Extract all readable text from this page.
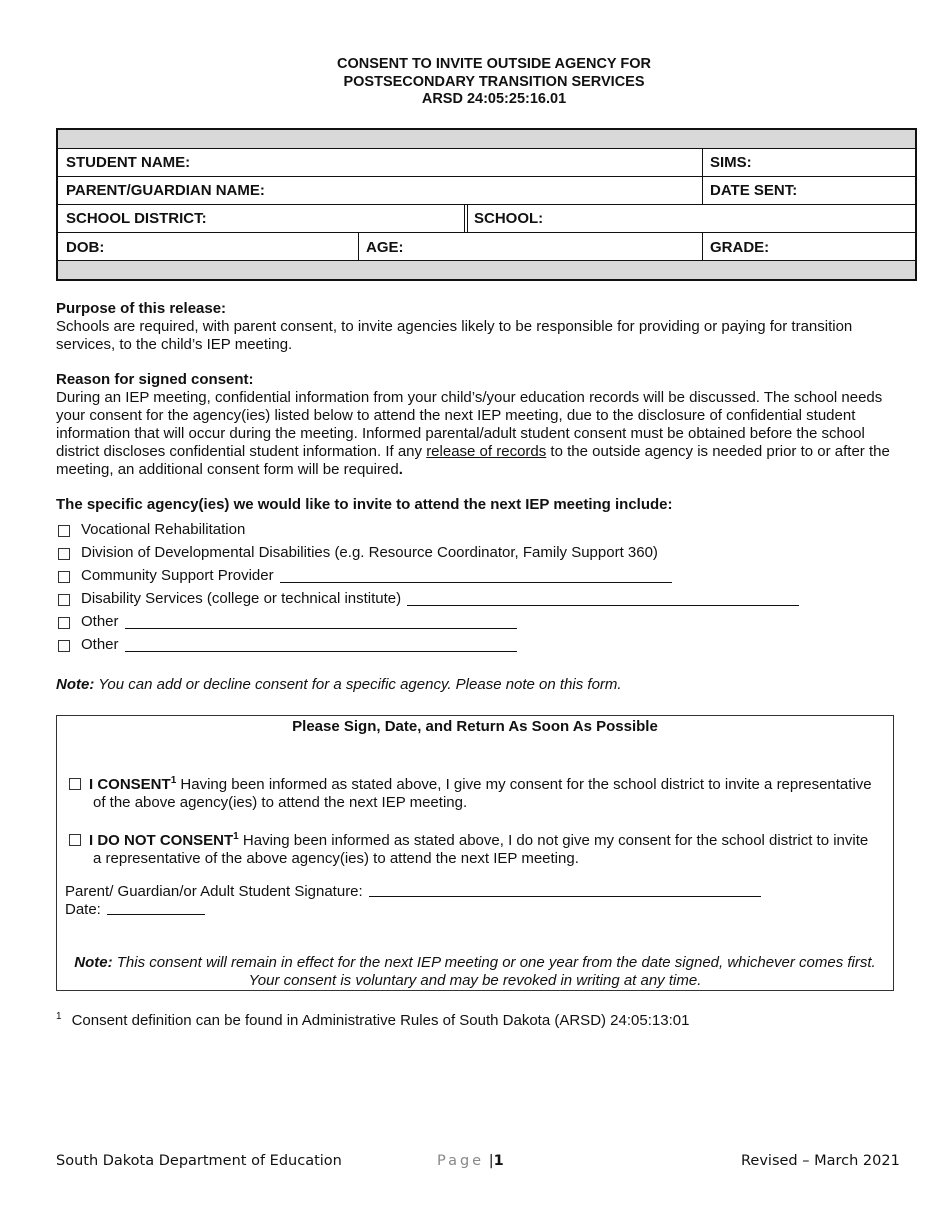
CONSENT TO INVITE OUTSIDE AGENCY FOR
POSTSECONDARY TRANSITION SERVICES
ARSD 24:05:25:16.01
STUDENT NAME:	SIMS:
PARENT/GUARDIAN NAME:	DATE SENT:
SCHOOL DISTRICT:	SCHOOL:
DOB:	AGE:	GRADE:
Purpose of this release:
Schools are required, with parent consent, to invite agencies likely to be responsible for providing or paying for transition services, to the child’s IEP meeting.
Reason for signed consent:
During an IEP meeting, confidential information from your child’s/your education records will be discussed. The school needs your consent for the agency(ies) listed below to attend the next IEP meeting, due to the disclosure of confidential student information that will occur during the meeting. Informed parental/adult student consent must be obtained before the school district discloses confidential student information. If any release of records to the outside agency is needed prior to or after the meeting, an additional consent form will be required.
The specific agency(ies) we would like to invite to attend the next IEP meeting include:
Vocational Rehabilitation
Division of Developmental Disabilities (e.g. Resource Coordinator, Family Support 360)
Community Support Provider
Disability Services (college or technical institute)
Other
Other
Note: You can add or decline consent for a specific agency. Please note on this form.
Please Sign, Date, and Return As Soon As Possible
I CONSENT$^1$ Having been informed as stated above, I give my consent for the school district to invite a representative of the above agency(ies) to attend the next IEP meeting.
I DO NOT CONSENT$^1$ Having been informed as stated above, I do not give my consent for the school district to invite a representative of the above agency(ies) to attend the next IEP meeting.
Parent/ Guardian/or Adult Student Signature:
Date:
Note: This consent will remain in effect for the next IEP meeting or one year from the date signed, whichever comes first. Your consent is voluntary and may be revoked in writing at any time.
$^1$ Consent definition can be found in Administrative Rules of South Dakota (ARSD) 24:05:13:01
South Dakota Department of Education	Page |1	Revised – March 2021
